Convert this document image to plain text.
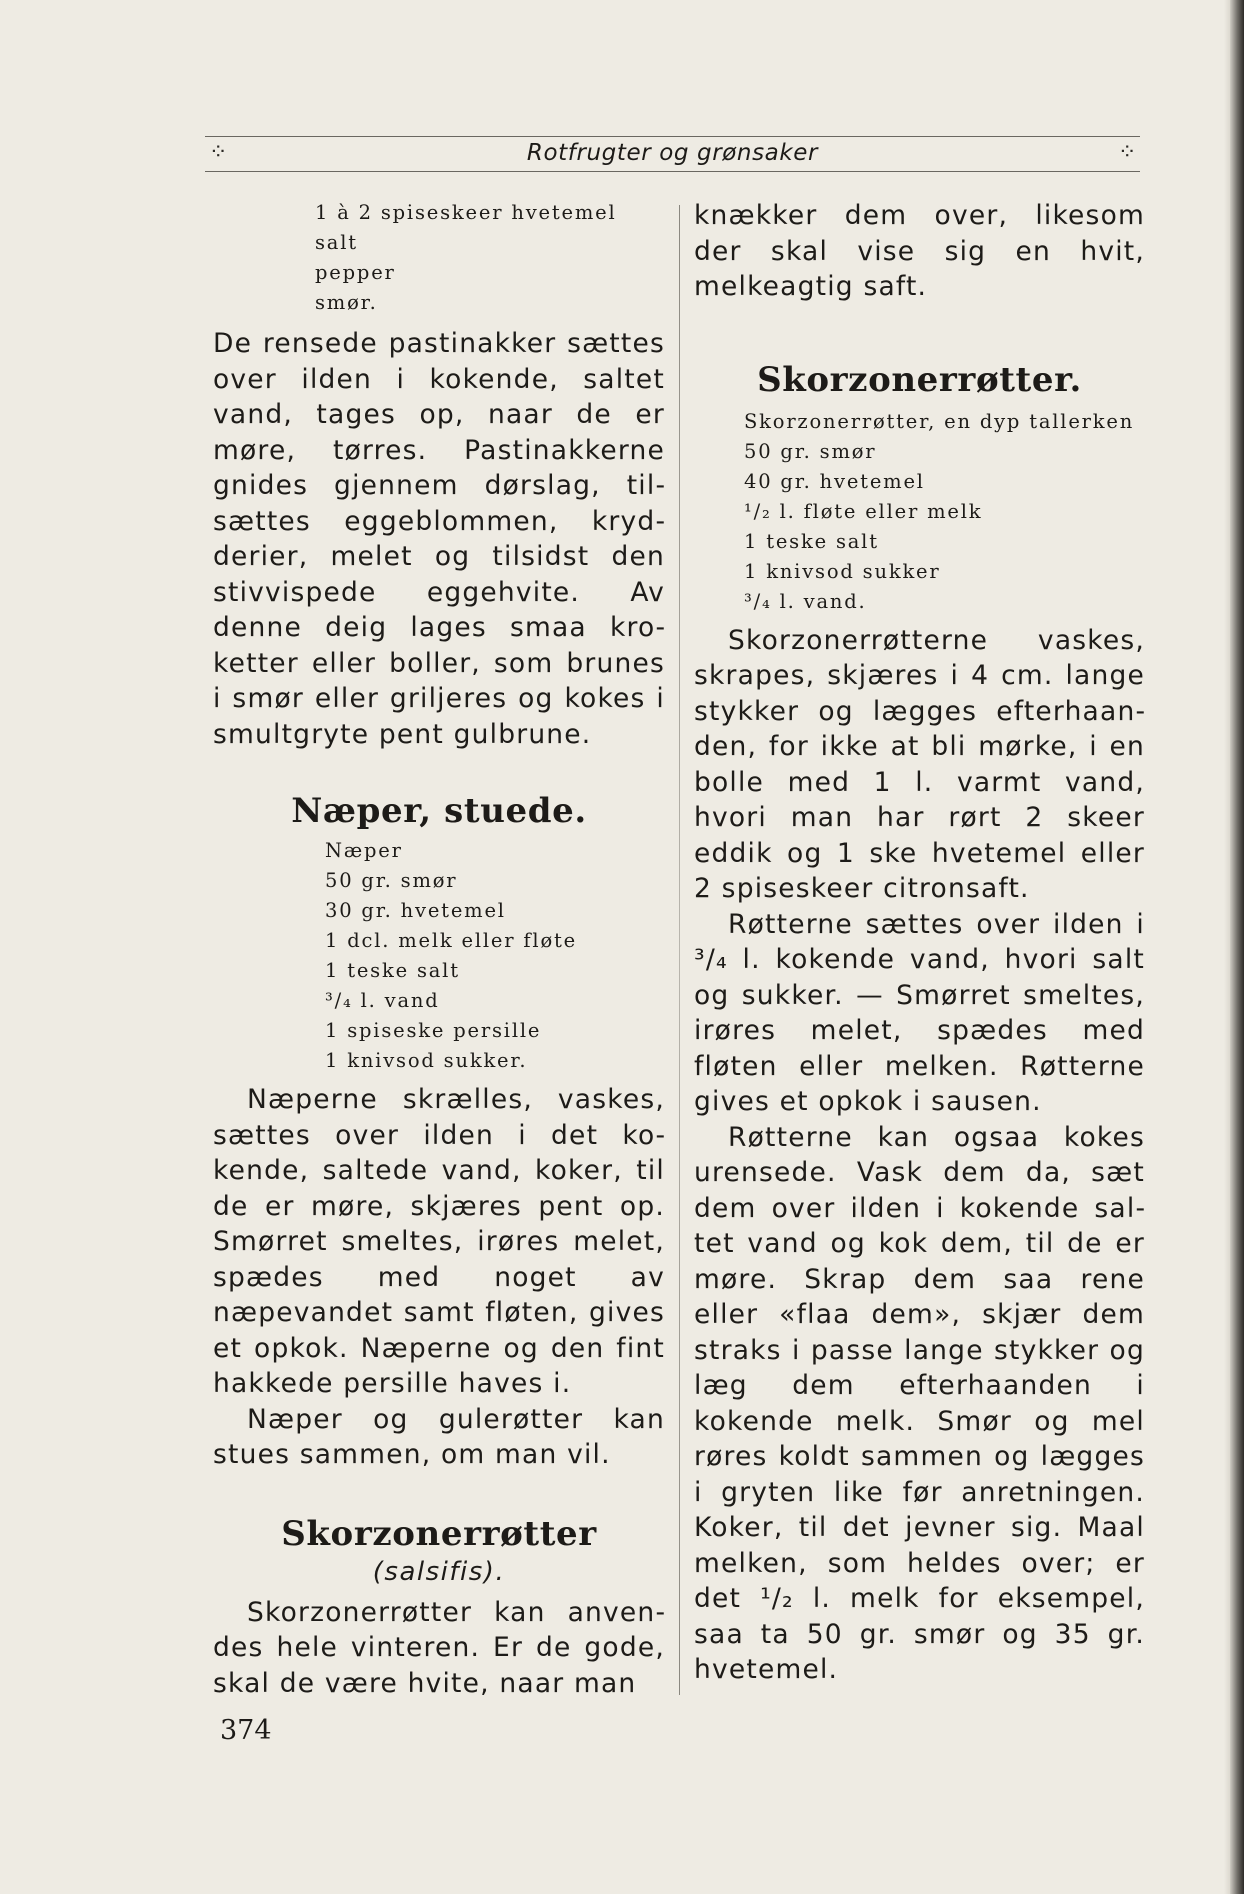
⁘	Rotfrugter og grønsaker	⁘
1 à 2 spiseskeer hvetemel
salt
pepper
smør.

De rensede pastinakker sættes over ilden i kokende, saltet vand, tages op, naar de er møre, tørres. Pastinakkerne gnides gjennem dørslag, tilsættes eggeblommen, krydderier, melet og tilsidst den stivvispede eggehvite. Av denne deig lages smaa kroketter eller boller, som brunes i smør eller griljeres og kokes i smultgryte pent gulbrune.

Næper, stuede.
Næper
50 gr. smør
30 gr. hvetemel
1 dcl. melk eller fløte
1 teske salt
³/₄ l. vand
1 spiseske persille
1 knivsod sukker.

Næperne skrælles, vaskes, sættes over ilden i det kokende, saltede vand, koker, til de er møre, skjæres pent op. Smørret smeltes, irøres melet, spædes med noget av næpevandet samt fløten, gives et opkok. Næperne og den fint hakkede persille haves i.

Næper og gulerøtter kan stues sammen, om man vil.

Skorzonerrøtter
(salsifis).

Skorzonerrøtter kan anvendes hele vinteren. Er de gode, skal de være hvite, naar man

knækker dem over, likesom der skal vise sig en hvit, melkeagtig saft.

Skorzonerrøtter.
Skorzonerrøtter, en dyp tallerken
50 gr. smør
40 gr. hvetemel
¹/₂ l. fløte eller melk
1 teske salt
1 knivsod sukker
³/₄ l. vand.

Skorzonerrøtterne vaskes, skrapes, skjæres i 4 cm. lange stykker og lægges efterhaanden, for ikke at bli mørke, i en bolle med 1 l. varmt vand, hvori man har rørt 2 skeer eddik og 1 ske hvetemel eller 2 spiseskeer citronsaft.

Røtterne sættes over ilden i ³/₄ l. kokende vand, hvori salt og sukker. — Smørret smeltes, irøres melet, spædes med fløten eller melken. Røtterne gives et opkok i sausen.

Røtterne kan ogsaa kokes urensede. Vask dem da, sæt dem over ilden i kokende saltet vand og kok dem, til de er møre. Skrap dem saa rene eller «flaa dem», skjær dem straks i passe lange stykker og læg dem efterhaanden i kokende melk. Smør og mel røres koldt sammen og lægges i gryten like før anretningen. Koker, til det jevner sig. Maal melken, som heldes over; er det ¹/₂ l. melk for eksempel, saa ta 50 gr. smør og 35 gr. hvetemel.

374
